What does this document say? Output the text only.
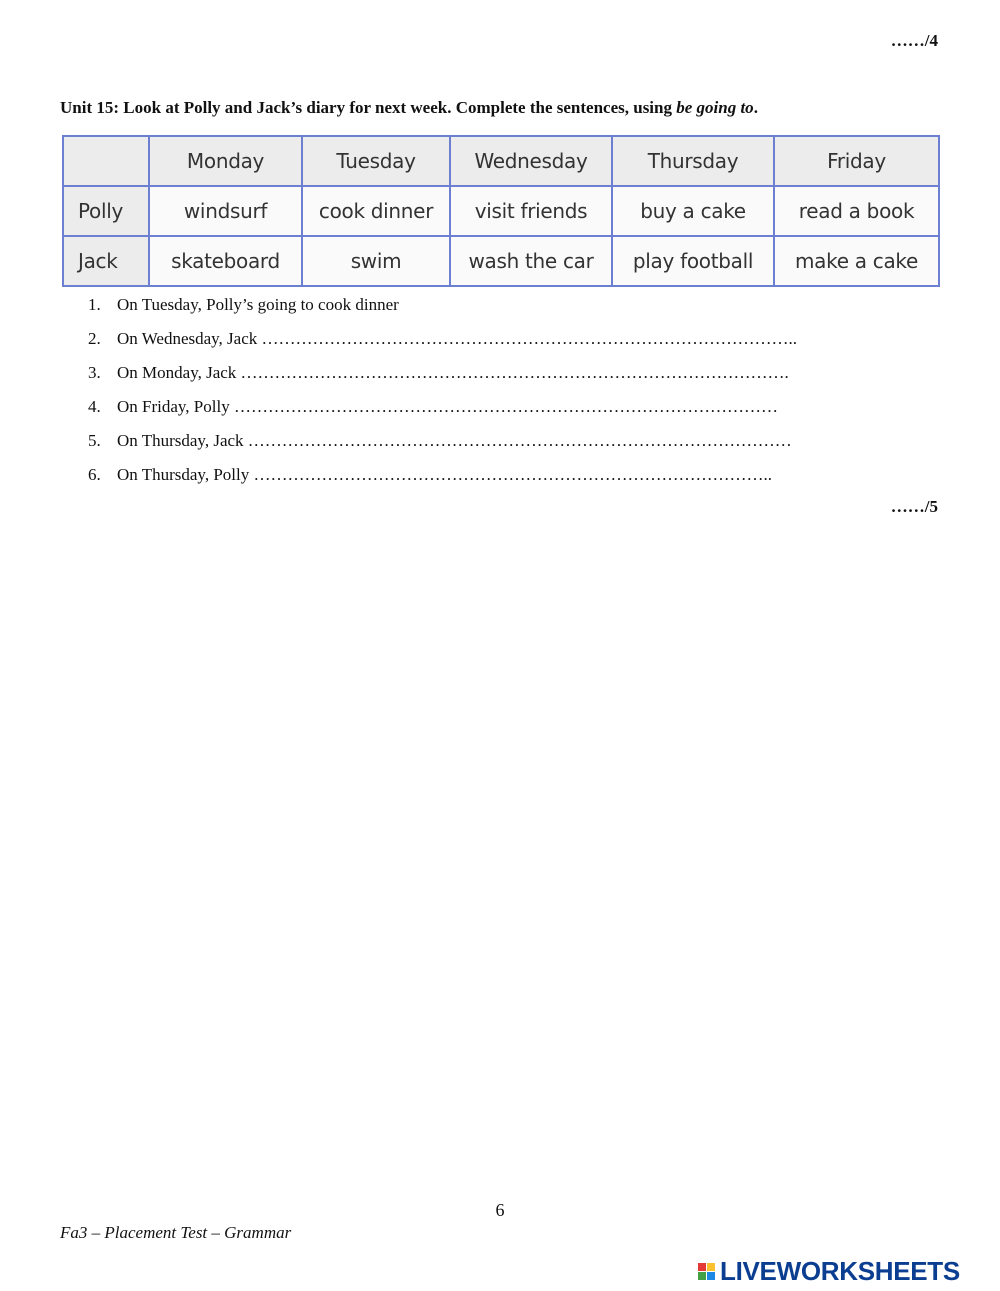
……/4
Unit 15: Look at Polly and Jack’s diary for next week. Complete the sentences, using be going to.
	Monday	Tuesday	Wednesday	Thursday	Friday
Polly	windsurf	cook dinner	visit friends	buy a cake	read a book
Jack	skateboard	swim	wash the car	play football	make a cake
1. On Tuesday, Polly’s going to cook dinner
2. On Wednesday, Jack …………………………………………………………………………………..
3. On Monday, Jack …………………………………………………………………………………….
4. On Friday, Polly ……………………………………………………………………………………
5. On Thursday, Jack ……………………………………………………………………………………
6. On Thursday, Polly ………………………………………………………………………………..
……/5
6
Fa3 – Placement Test – Grammar
LIVEWORKSHEETS
